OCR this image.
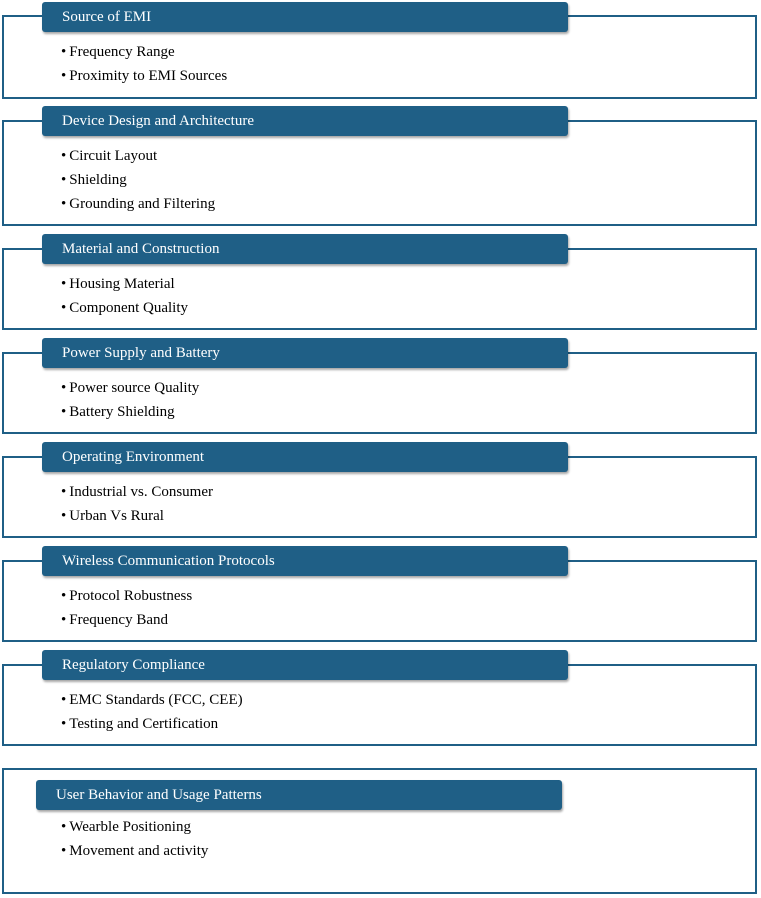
Source of EMI
• Frequency Range
• Proximity to EMI Sources
Device Design and Architecture
• Circuit Layout
• Shielding
• Grounding and Filtering
Material and Construction
• Housing Material
• Component Quality
Power Supply and Battery
• Power source Quality
• Battery Shielding
Operating Environment
• Industrial vs. Consumer
• Urban Vs Rural
Wireless Communication Protocols
• Protocol Robustness
• Frequency Band
Regulatory Compliance
• EMC Standards (FCC, CEE)
• Testing and Certification
User Behavior and Usage Patterns
• Wearble Positioning
• Movement and activity
